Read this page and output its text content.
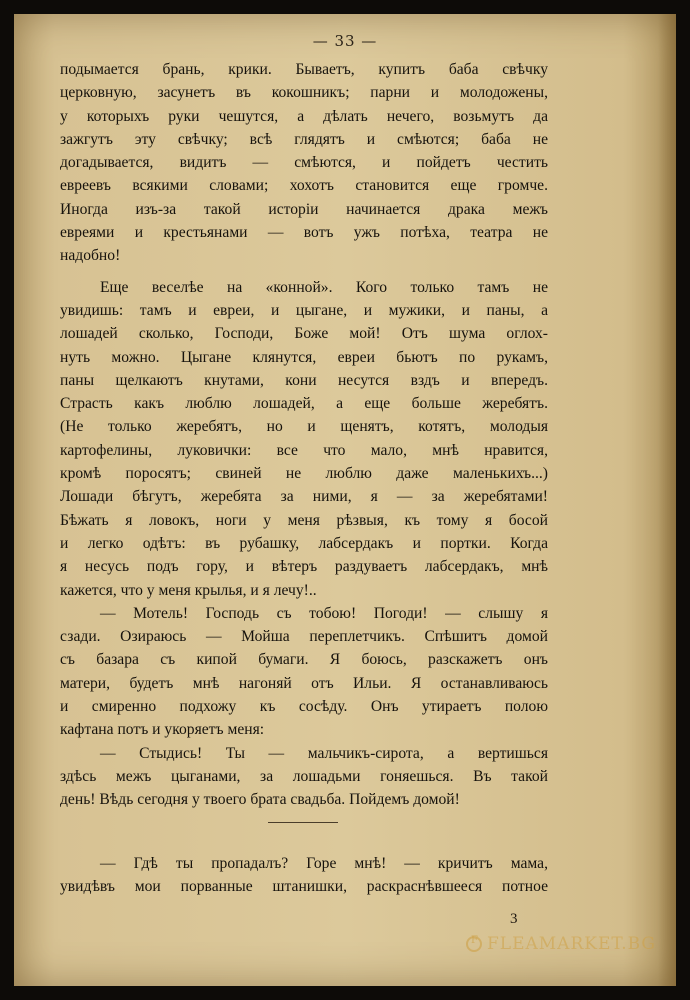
— 33 —
подымается брань, крики. Бываетъ, купитъ баба свѣчку
церковную, засунетъ въ кокошникъ; парни и молодожены,
у которыхъ руки чешутся, а дѣлать нечего, возьмутъ да
зажгутъ эту свѣчку; всѣ глядятъ и смѣются; баба не
догадывается, видитъ — смѣются, и пойдетъ честить
евреевъ всякими словами; хохотъ становится еще громче.
Иногда изъ-за такой исторіи начинается драка межъ
евреями и крестьянами — вотъ ужъ потѣха, театра не
надобно!
Еще веселѣе на «конной». Кого только тамъ не
увидишь: тамъ и евреи, и цыгане, и мужики, и паны, а
лошадей сколько, Господи, Боже мой! Отъ шума оглох-
нуть можно. Цыгане клянутся, евреи бьютъ по рукамъ,
паны щелкаютъ кнутами, кони несутся вздъ и впередъ.
Страсть какъ люблю лошадей, а еще больше жеребятъ.
(Не только жеребятъ, но и щенятъ, котятъ, молодыя
картофелины, луковички: все что мало, мнѣ нравится,
кромѣ поросятъ; свиней не люблю даже маленькихъ...)
Лошади бѣгутъ, жеребята за ними, я — за жеребятами!
Бѣжать я ловокъ, ноги у меня рѣзвыя, къ тому я босой
и легко одѣтъ: въ рубашку, лабсердакъ и портки. Когда
я несусь подъ гору, и вѣтеръ раздуваетъ лабсердакъ, мнѣ
кажется, что у меня крылья, и я лечу!..
— Мотель! Господь съ тобою! Погоди! — слышу я
сзади. Озираюсь — Мойша переплетчикъ. Спѣшитъ домой
съ базара съ кипой бумаги. Я боюсь, разскажетъ онъ
матери, будетъ мнѣ нагоняй отъ Ильи. Я останавливаюсь
и смиренно подхожу къ сосѣду. Онъ утираетъ полою
кафтана потъ и укоряетъ меня:
— Стыдись! Ты — мальчикъ-сирота, а вертишься
здѣсь межъ цыганами, за лошадьми гоняешься. Въ такой
день! Вѣдь сегодня у твоего брата свадьба. Пойдемъ домой!
— Гдѣ ты пропадалъ? Горе мнѣ! — кричитъ мама,
увидѣвъ мои порванные штанишки, раскраснѣвшееся потное
3
F
FLEAMARKET.BG
